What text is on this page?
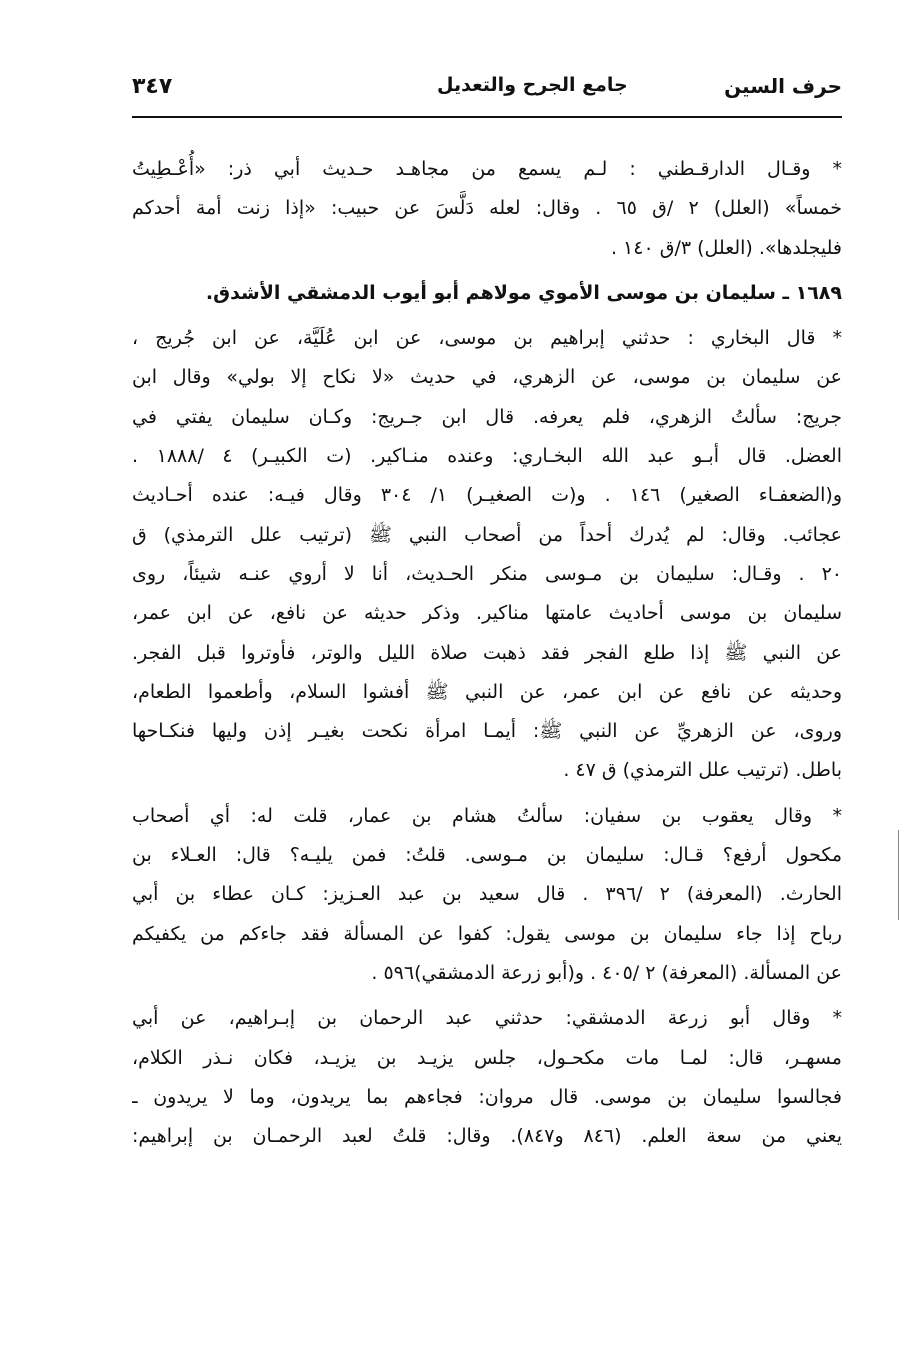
حرف السين
جامع الجرح والتعديل
٣٤٧
* وقـال الدارقـطني : لـم يسمع من مجاهـد حـديث أبي ذر: «أُعْـطِيتُ
خمساً» (العلل) ٢ /ق ٦٥ . وقال: لعله دَلَّسَ عن حبيب: «إذا زنت أمة أحدكم
فليجلدها». (العلل) ٣/ق ١٤٠ .
١٦٨٩ ـ سليمان بن موسى الأموي مولاهم أبو أيوب الدمشقي الأشدق.
* قال البخاري : حدثني إبراهيم بن موسى، عن ابن عُلَيَّة، عن ابن جُريج ،
عن سليمان بن موسى، عن الزهري، في حديث «لا نكاح إلا بولي» وقال ابن
جريج: سألتُ الزهري، فلم يعرفه. قال ابن جـريج: وكـان سليمان يفتي في
العضل. قال أبـو عبد الله البخـاري: وعنده منـاكير. (ت الكبيـر) ٤ /١٨٨٨ .
و(الضعفـاء الصغير) ١٤٦ . و(ت الصغيـر) ١/ ٣٠٤ وقال فيـه: عنده أحـاديث
عجائب. وقال: لم يُدرك أحداً من أصحاب النبي ﷺ (ترتيب علل الترمذي) ق
٢٠ . وقـال: سليمان بن مـوسى منكر الحـديث، أنا لا أروي عنـه شيئاً، روى
سليمان بن موسى أحاديث عامتها مناكير. وذكر حديثه عن نافع، عن ابن عمر،
عن النبي ﷺ إذا طلع الفجر فقد ذهبت صلاة الليل والوتر، فأوتروا قبل الفجر.
وحديثه عن نافع عن ابن عمر، عن النبي ﷺ أفشوا السلام، وأطعموا الطعام،
وروى، عن الزهريِّ عن النبي ﷺ: أيمـا امرأة نكحت بغيـر إذن وليها فنكـاحها
باطل. (ترتيب علل الترمذي) ق ٤٧ .
* وقال يعقوب بن سفيان: سألتُ هشام بن عمار، قلت له: أي أصحاب
مكحول أرفع؟ قـال: سليمان بن مـوسى. قلتُ: فمن يليـه؟ قال: العـلاء بن
الحارث. (المعرفة) ٢ /٣٩٦ . قال سعيد بن عبد العـزيز: كـان عطاء بن أبي
رباح إذا جاء سليمان بن موسى يقول: كفوا عن المسألة فقد جاءكم من يكفيكم
عن المسألة. (المعرفة) ٢ /٤٠٥ . و(أبو زرعة الدمشقي)٥٩٦ .
* وقال أبو زرعة الدمشقي: حدثني عبد الرحمان بن إبـراهيم، عن أبي
مسهـر، قال: لمـا مات مكحـول، جلس يزيـد بن يزيـد، فكان نـذر الكلام،
فجالسوا سليمان بن موسى. قال مروان: فجاءهم بما يريدون، وما لا يريدون ـ
يعني من سعة العلم. (٨٤٦ و٨٤٧). وقال: قلتُ لعبد الرحمـان بن إبراهيم:
